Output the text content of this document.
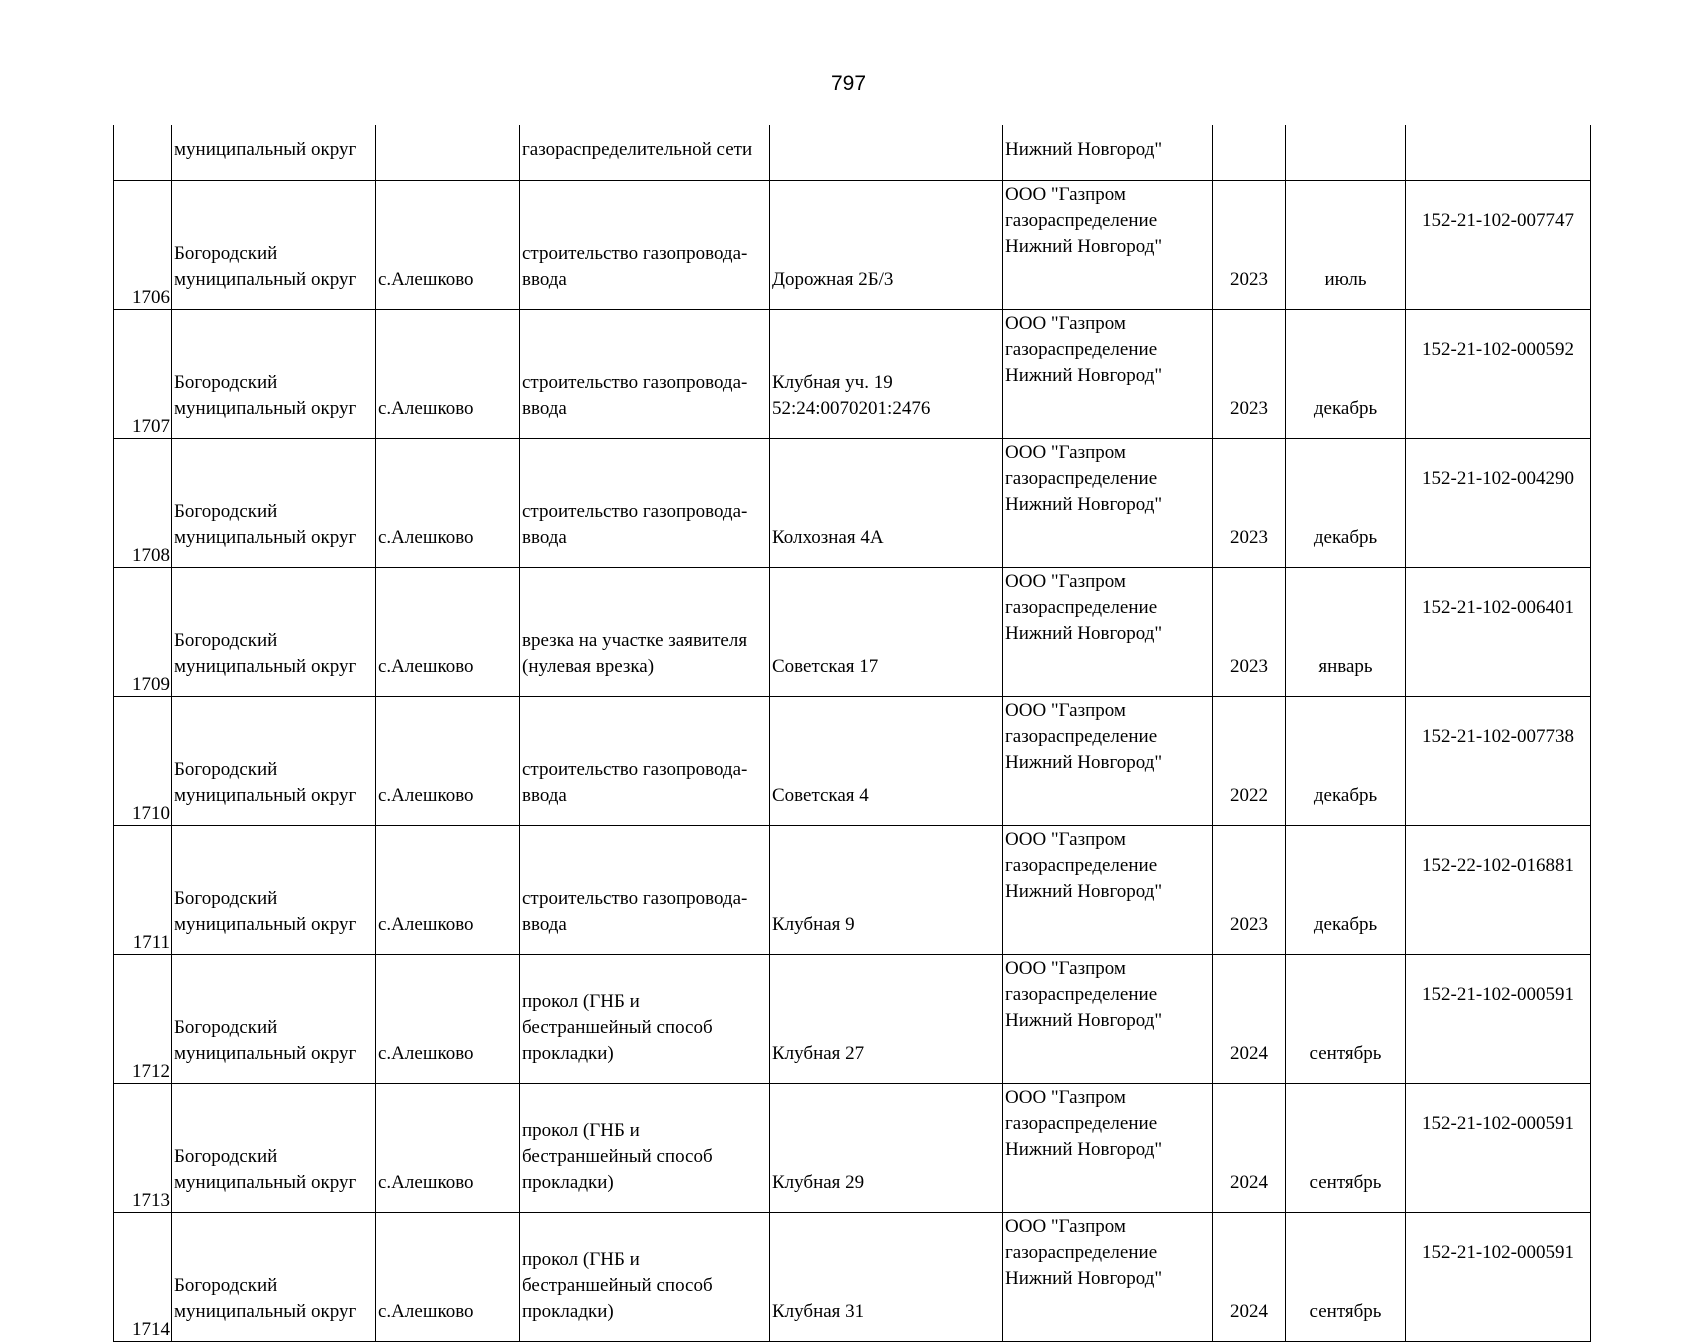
797
	муниципальный округ		газораспределительной сети		Нижний Новгород"			

1706	Богородский
муниципальный округ	с.Алешково	строительство газопровода-
ввода	Дорожная 2Б/3	ООО "Газпром
газораспределение
Нижний Новгород"	2023	июль	152-21-102-007747

1707	Богородский
муниципальный округ	с.Алешково	строительство газопровода-
ввода	Клубная уч. 19
52:24:0070201:2476	ООО "Газпром
газораспределение
Нижний Новгород"	2023	декабрь	152-21-102-000592

1708	Богородский
муниципальный округ	с.Алешково	строительство газопровода-
ввода	Колхозная 4А	ООО "Газпром
газораспределение
Нижний Новгород"	2023	декабрь	152-21-102-004290

1709	Богородский
муниципальный округ	с.Алешково	врезка на участке заявителя
(нулевая врезка)	Советская 17	ООО "Газпром
газораспределение
Нижний Новгород"	2023	январь	152-21-102-006401

1710	Богородский
муниципальный округ	с.Алешково	строительство газопровода-
ввода	Советская 4	ООО "Газпром
газораспределение
Нижний Новгород"	2022	декабрь	152-21-102-007738

1711	Богородский
муниципальный округ	с.Алешково	строительство газопровода-
ввода	Клубная 9	ООО "Газпром
газораспределение
Нижний Новгород"	2023	декабрь	152-22-102-016881

1712	Богородский
муниципальный округ	с.Алешково	прокол (ГНБ и
бестраншейный способ
прокладки)	Клубная 27	ООО "Газпром
газораспределение
Нижний Новгород"	2024	сентябрь	152-21-102-000591

1713	Богородский
муниципальный округ	с.Алешково	прокол (ГНБ и
бестраншейный способ
прокладки)	Клубная 29	ООО "Газпром
газораспределение
Нижний Новгород"	2024	сентябрь	152-21-102-000591

1714	Богородский
муниципальный округ	с.Алешково	прокол (ГНБ и
бестраншейный способ
прокладки)	Клубная 31	ООО "Газпром
газораспределение
Нижний Новгород"	2024	сентябрь	152-21-102-000591
